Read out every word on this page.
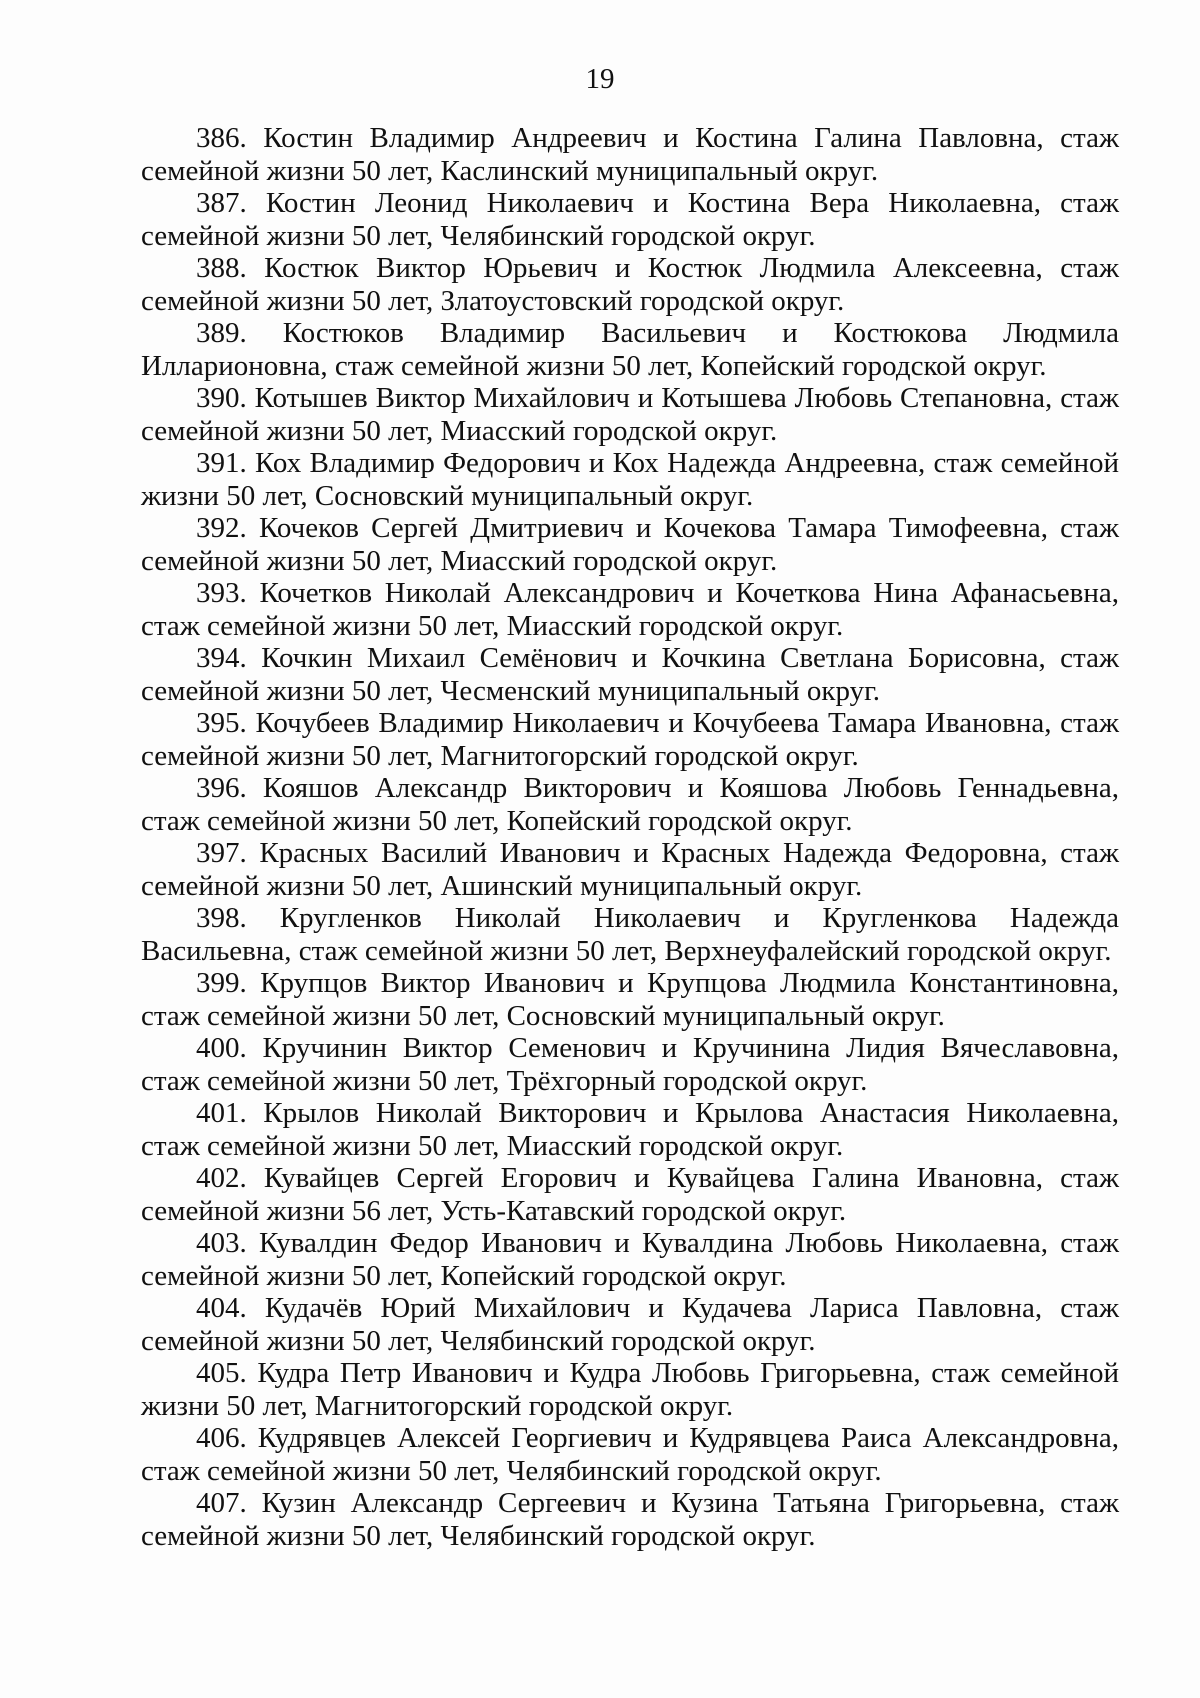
19

386. Костин Владимир Андреевич и Костина Галина Павловна, стаж семейной жизни 50 лет, Каслинский муниципальный округ.

387. Костин Леонид Николаевич и Костина Вера Николаевна, стаж семейной жизни 50 лет, Челябинский городской округ.

388. Костюк Виктор Юрьевич и Костюк Людмила Алексеевна, стаж семейной жизни 50 лет, Златоустовский городской округ.

389. Костюков Владимир Васильевич и Костюкова Людмила Илларионовна, стаж семейной жизни 50 лет, Копейский городской округ.

390. Котышев Виктор Михайлович и Котышева Любовь Степановна, стаж семейной жизни 50 лет, Миасский городской округ.

391. Кох Владимир Федорович и Кох Надежда Андреевна, стаж семейной жизни 50 лет, Сосновский муниципальный округ.

392. Кочеков Сергей Дмитриевич и Кочекова Тамара Тимофеевна, стаж семейной жизни 50 лет, Миасский городской округ.

393. Кочетков Николай Александрович и Кочеткова Нина Афанасьевна, стаж семейной жизни 50 лет, Миасский городской округ.

394. Кочкин Михаил Семёнович и Кочкина Светлана Борисовна, стаж семейной жизни 50 лет, Чесменский муниципальный округ.

395. Кочубеев Владимир Николаевич и Кочубеева Тамара Ивановна, стаж семейной жизни 50 лет, Магнитогорский городской округ.

396. Кояшов Александр Викторович и Кояшова Любовь Геннадьевна, стаж семейной жизни 50 лет, Копейский городской округ.

397. Красных Василий Иванович и Красных Надежда Федоровна, стаж семейной жизни 50 лет, Ашинский муниципальный округ.

398. Кругленков Николай Николаевич и Кругленкова Надежда Васильевна, стаж семейной жизни 50 лет, Верхнеуфалейский городской округ.

399. Крупцов Виктор Иванович и Крупцова Людмила Константиновна, стаж семейной жизни 50 лет, Сосновский муниципальный округ.

400. Кручинин Виктор Семенович и Кручинина Лидия Вячеславовна, стаж семейной жизни 50 лет, Трёхгорный городской округ.

401. Крылов Николай Викторович и Крылова Анастасия Николаевна, стаж семейной жизни 50 лет, Миасский городской округ.

402. Кувайцев Сергей Егорович и Кувайцева Галина Ивановна, стаж семейной жизни 56 лет, Усть-Катавский городской округ.

403. Кувалдин Федор Иванович и Кувалдина Любовь Николаевна, стаж семейной жизни 50 лет, Копейский городской округ.

404. Кудачёв Юрий Михайлович и Кудачева Лариса Павловна, стаж семейной жизни 50 лет, Челябинский городской округ.

405. Кудра Петр Иванович и Кудра Любовь Григорьевна, стаж семейной жизни 50 лет, Магнитогорский городской округ.

406. Кудрявцев Алексей Георгиевич и Кудрявцева Раиса Александровна, стаж семейной жизни 50 лет, Челябинский городской округ.

407. Кузин Александр Сергеевич и Кузина Татьяна Григорьевна, стаж семейной жизни 50 лет, Челябинский городской округ.
